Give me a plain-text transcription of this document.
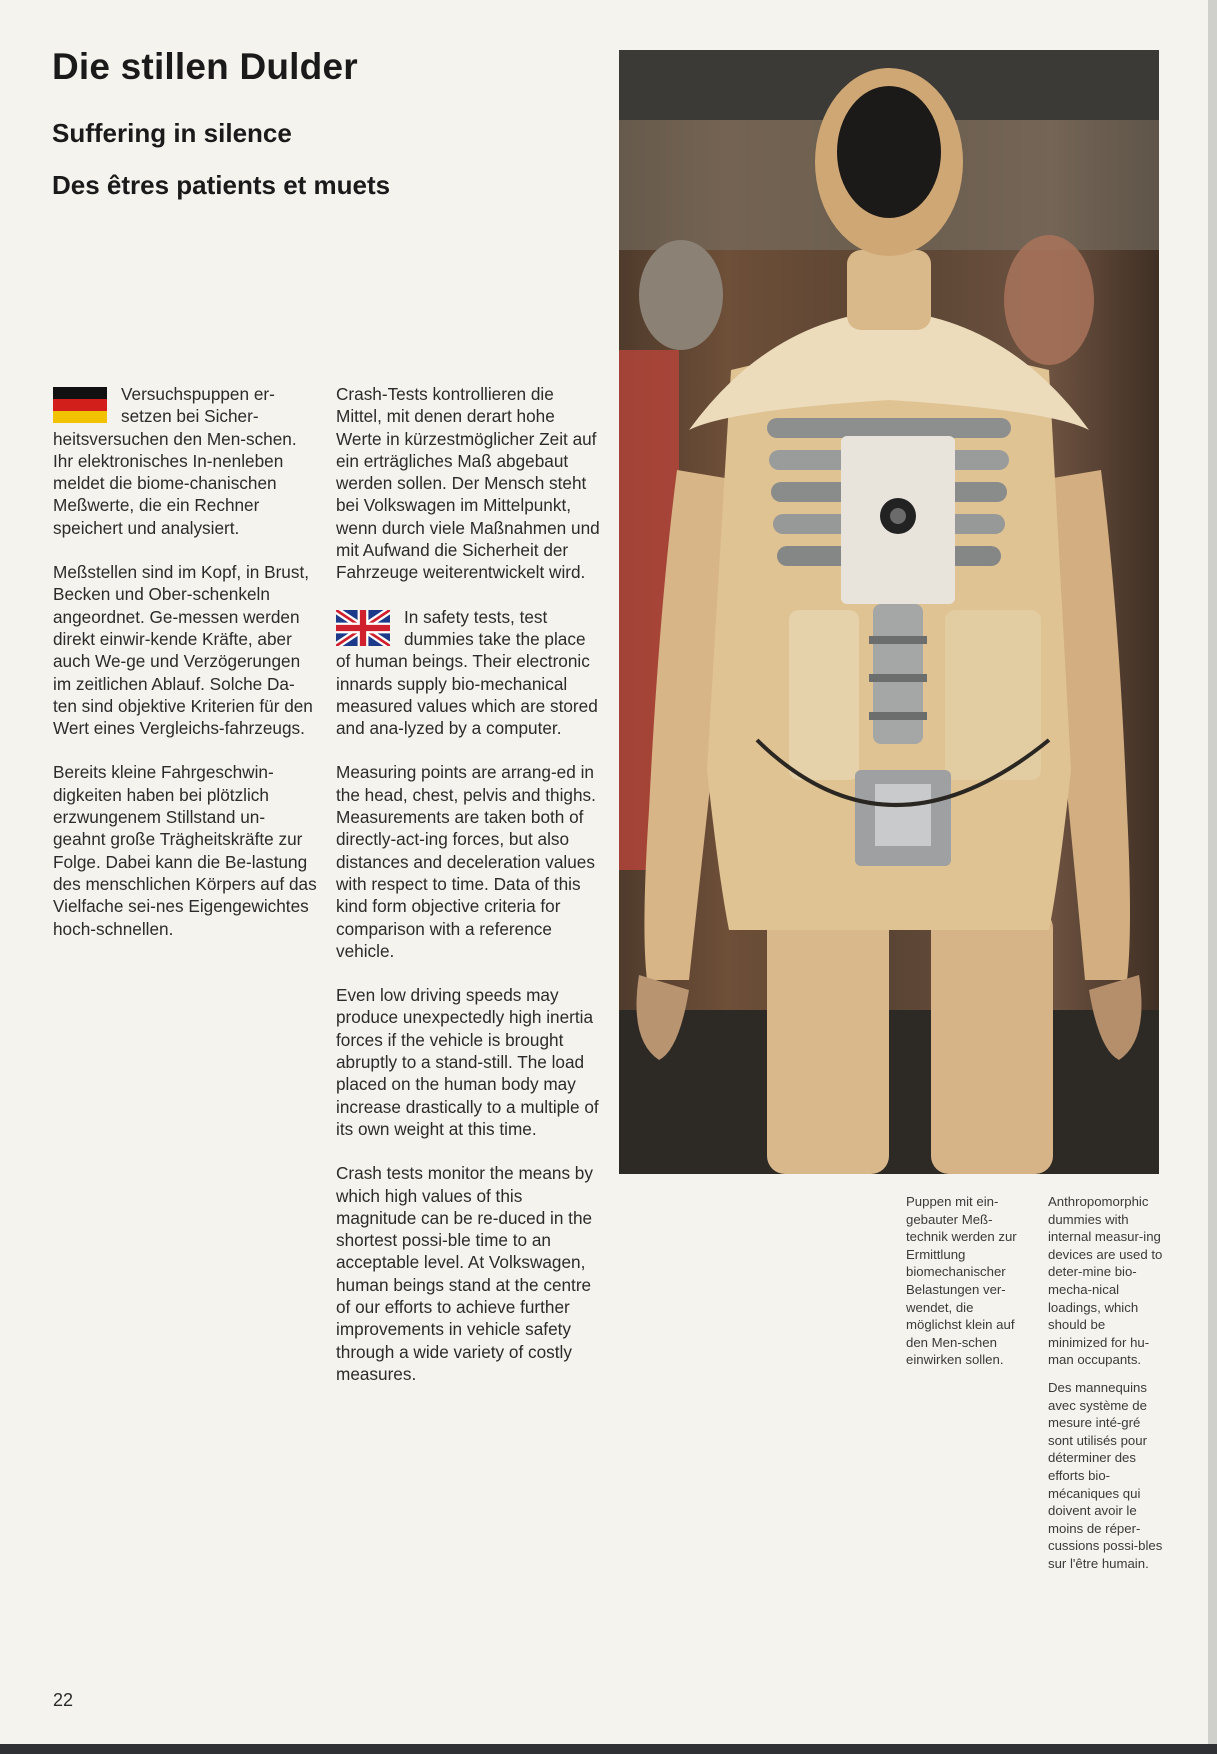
Die stillen Dulder
Suffering in silence
Des êtres patients et muets

Versuchspuppen er-setzen bei Sicher-heitsversuchen den Men-schen. Ihr elektronisches In-nenleben meldet die biome-chanischen Meßwerte, die ein Rechner speichert und analysiert.

Meßstellen sind im Kopf, in Brust, Becken und Ober-schenkeln angeordnet. Ge-messen werden direkt einwir-kende Kräfte, aber auch We-ge und Verzögerungen im zeitlichen Ablauf. Solche Da-ten sind objektive Kriterien für den Wert eines Vergleichs-fahrzeugs.

Bereits kleine Fahrgeschwin-digkeiten haben bei plötzlich erzwungenem Stillstand un-geahnt große Trägheitskräfte zur Folge. Dabei kann die Be-lastung des menschlichen Körpers auf das Vielfache sei-nes Eigengewichtes hoch-schnellen.

Crash-Tests kontrollieren die Mittel, mit denen derart hohe Werte in kürzestmöglicher Zeit auf ein erträgliches Maß abgebaut werden sollen. Der Mensch steht bei Volkswagen im Mittelpunkt, wenn durch viele Maßnahmen und mit Aufwand die Sicherheit der Fahrzeuge weiterentwickelt wird.

In safety tests, test dummies take the place of human beings. Their electronic innards supply bio-mechanical measured values which are stored and ana-lyzed by a computer.

Measuring points are arrang-ed in the head, chest, pelvis and thighs. Measurements are taken both of directly-act-ing forces, but also distances and deceleration values with respect to time. Data of this kind form objective criteria for comparison with a reference vehicle.

Even low driving speeds may produce unexpectedly high inertia forces if the vehicle is brought abruptly to a stand-still. The load placed on the human body may increase drastically to a multiple of its own weight at this time.

Crash tests monitor the means by which high values of this magnitude can be re-duced in the shortest possi-ble time to an acceptable level. At Volkswagen, human beings stand at the centre of our efforts to achieve further improvements in vehicle safety through a wide variety of costly measures.

Puppen mit ein-gebauter Meß-technik werden zur Ermittlung biomechanischer Belastungen ver-wendet, die möglichst klein auf den Men-schen einwirken sollen.

Anthropomorphic dummies with internal measur-ing devices are used to deter-mine bio-mecha-nical loadings, which should be minimized for hu-man occupants.

Des mannequins avec système de mesure inté-gré sont utilisés pour déterminer des efforts bio-mécaniques qui doivent avoir le moins de réper-cussions possi-bles sur l'être humain.

22
